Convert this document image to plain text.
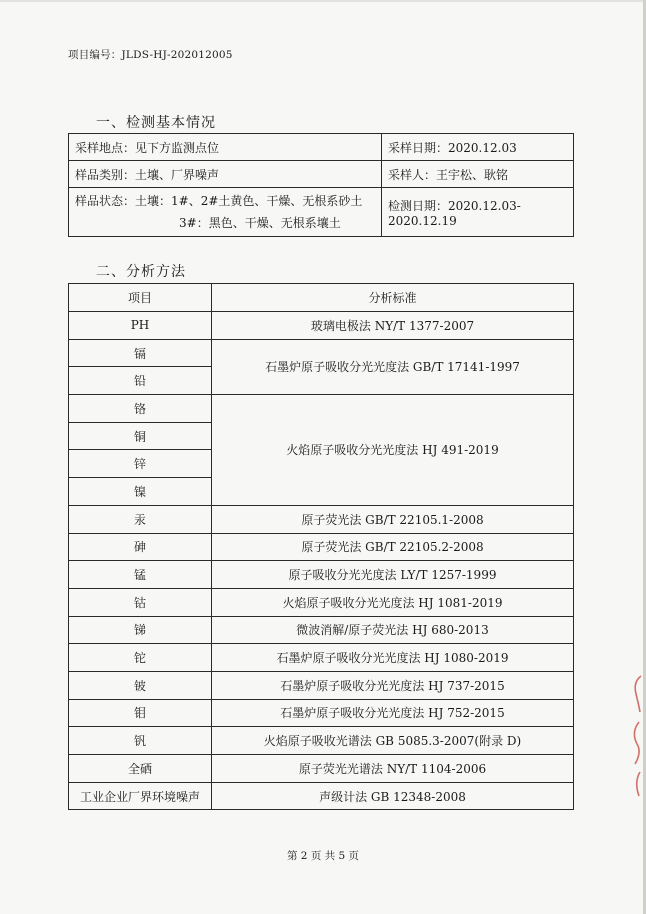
项目编号：JLDS-HJ-202012005
一、检测基本情况
采样地点：见下方监测点位	采样日期：2020.12.03
样品类别：土壤、厂界噪声	采样人：王宇松、耿铭

样品状态：土壤：1#、2#土黄色、干燥、无根系砂土
3#：黑色、干燥、无根系壤土	检测日期：2020.12.03-2020.12.19
二、分析方法
项目	分析标准
PH	玻璃电极法 NY/T 1377-2007
镉	石墨炉原子吸收分光光度法 GB/T 17141-1997
铅	
铬	火焰原子吸收分光光度法 HJ 491-2019
铜	
锌	
镍	
汞	原子荧光法 GB/T 22105.1-2008
砷	原子荧光法 GB/T 22105.2-2008
锰	原子吸收分光光度法 LY/T 1257-1999
钴	火焰原子吸收分光光度法 HJ 1081-2019
锑	微波消解/原子荧光法 HJ 680-2013
铊	石墨炉原子吸收分光光度法 HJ 1080-2019
铍	石墨炉原子吸收分光光度法 HJ 737-2015
钼	石墨炉原子吸收分光光度法 HJ 752-2015
钒	火焰原子吸收光谱法 GB 5085.3-2007(附录 D)
全硒	原子荧光光谱法 NY/T 1104-2006
工业企业厂界环境噪声	声级计法 GB 12348-2008
第 2 页 共 5 页
